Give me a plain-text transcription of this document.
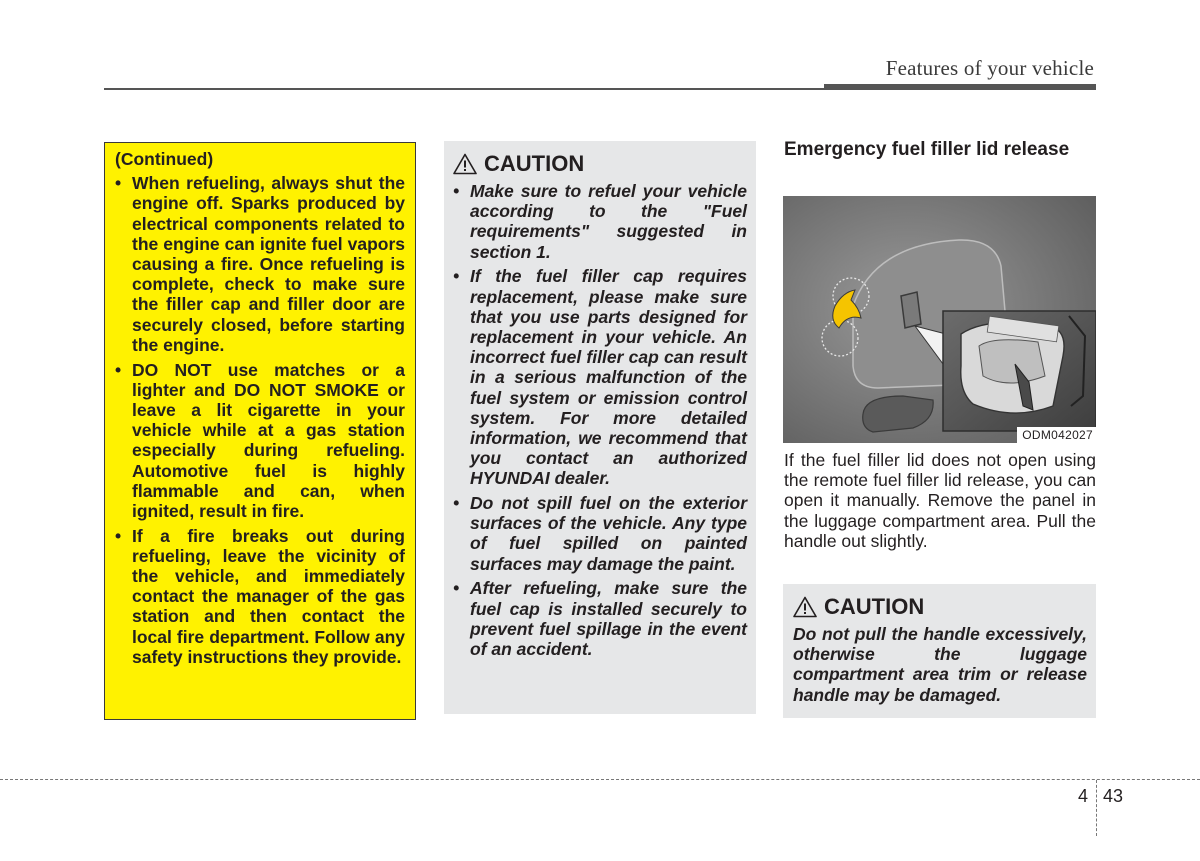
Features of your vehicle
(Continued)
• When refueling, always shut the engine off. Sparks produced by electrical components related to the engine can ignite fuel vapors causing a fire. Once refueling is complete, check to make sure the filler cap and filler door are securely closed, before starting the engine.
• DO NOT use matches or a lighter and DO NOT SMOKE or leave a lit cigarette in your vehicle while at a gas station especially during refueling. Automotive fuel is highly flammable and can, when ignited, result in fire.
• If a fire breaks out during refueling, leave the vicinity of the vehicle, and immediately contact the manager of the gas station and then contact the local fire department. Follow any safety instructions they provide.
CAUTION
• Make sure to refuel your vehicle according to the "Fuel requirements" suggested in section 1.
• If the fuel filler cap requires replacement, please make sure that you use parts designed for replacement in your vehicle. An incorrect fuel filler cap can result in a serious malfunction of the fuel system or emission control system. For more detailed information, we recommend that you contact an authorized HYUNDAI dealer.
• Do not spill fuel on the exterior surfaces of the vehicle. Any type of fuel spilled on painted surfaces may damage the paint.
• After refueling, make sure the fuel cap is installed securely to prevent fuel spillage in the event of an accident.
Emergency fuel filler lid release
ODM042027

If the fuel filler lid does not open using the remote fuel filler lid release, you can open it manually. Remove the panel in the luggage compartment area. Pull the handle out slightly.

CAUTION

Do not pull the handle excessively, otherwise the luggage compartment area trim or release handle may be damaged.

4 43
